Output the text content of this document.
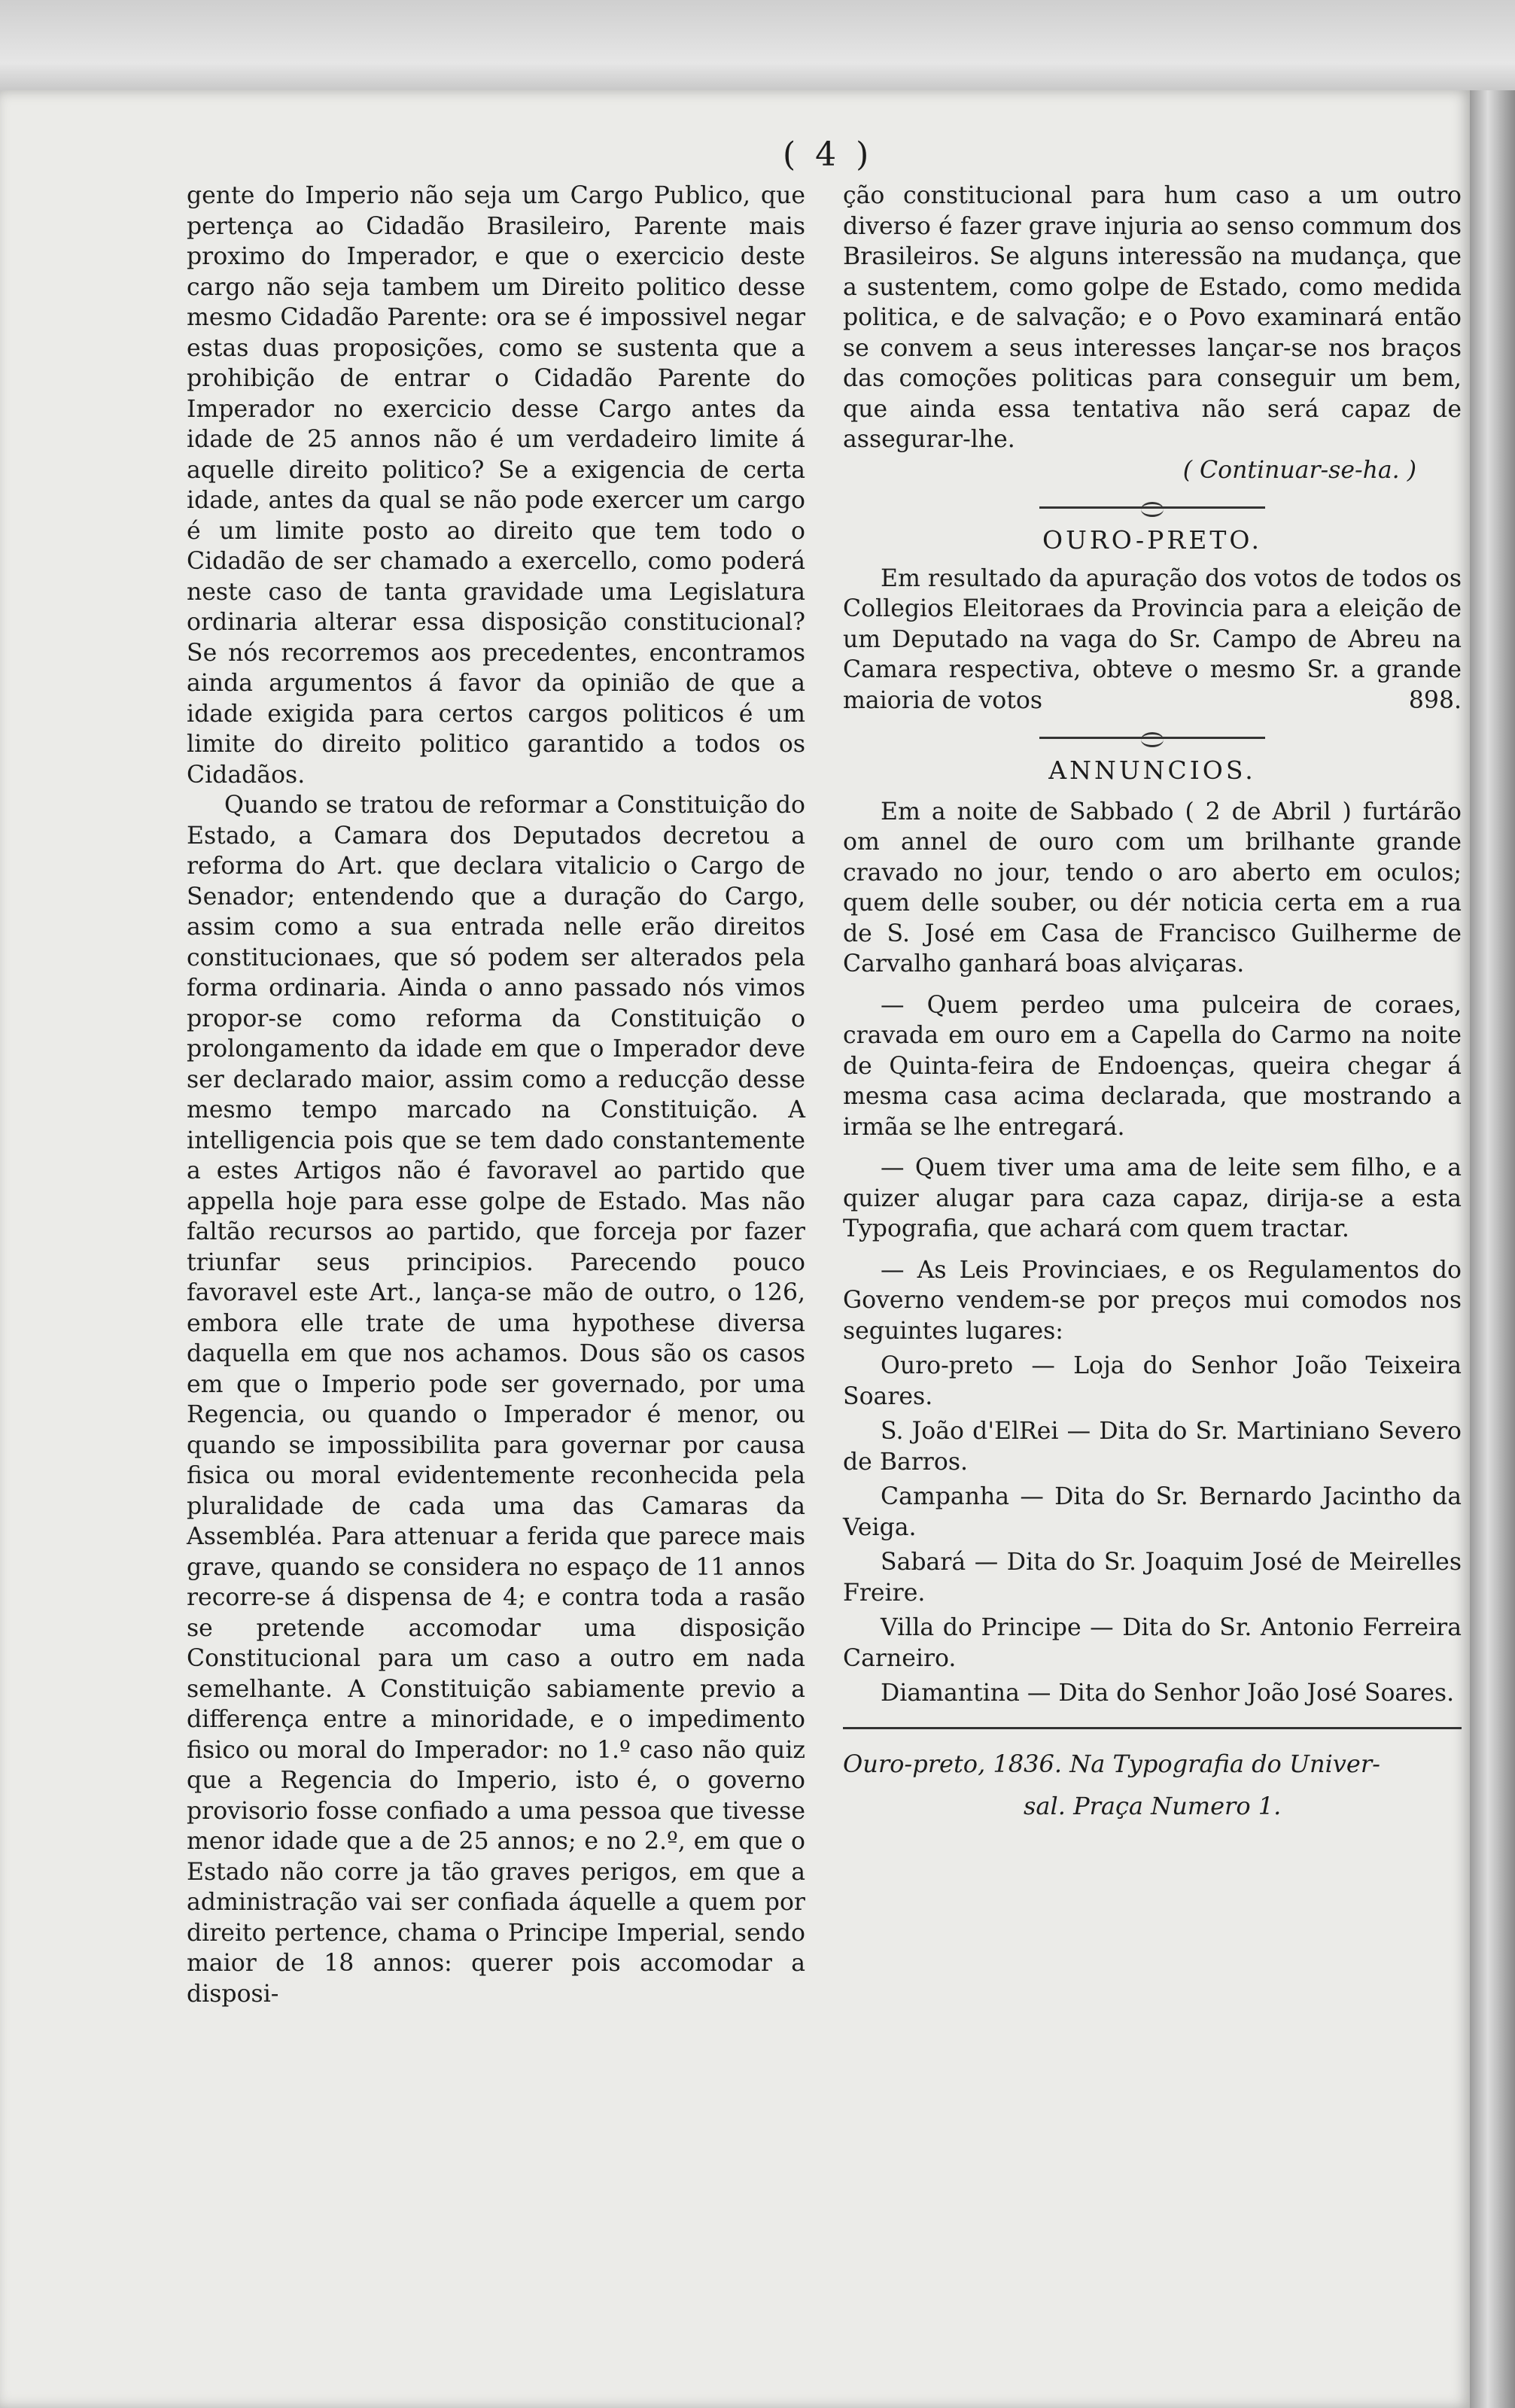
( 4 )

gente do Imperio não seja um Cargo Publico, que pertença ao Cidadão Brasileiro, Parente mais proximo do Imperador, e que o exercicio deste cargo não seja tambem um Direito politico desse mesmo Cidadão Parente: ora se é impossivel negar estas duas proposições, como se sustenta que a prohibição de entrar o Cidadão Parente do Imperador no exercicio desse Cargo antes da idade de 25 annos não é um verdadeiro limite á aquelle direito politico? Se a exigencia de certa idade, antes da qual se não pode exercer um cargo é um limite posto ao direito que tem todo o Cidadão de ser chamado a exercello, como poderá neste caso de tanta gravidade uma Legislatura ordinaria alterar essa disposição constitucional? Se nós recorremos aos precedentes, encontramos ainda argumentos á favor da opinião de que a idade exigida para certos cargos politicos é um limite do direito politico garantido a todos os Cidadãos.

Quando se tratou de reformar a Constituição do Estado, a Camara dos Deputados decretou a reforma do Art. que declara vitalicio o Cargo de Senador; entendendo que a duração do Cargo, assim como a sua entrada nelle erão direitos constitucionaes, que só podem ser alterados pela forma ordinaria. Ainda o anno passado nós vimos propor-se como reforma da Constituição o prolongamento da idade em que o Imperador deve ser declarado maior, assim como a reducção desse mesmo tempo marcado na Constituição. A intelligencia pois que se tem dado constantemente a estes Artigos não é favoravel ao partido que appella hoje para esse golpe de Estado. Mas não faltão recursos ao partido, que forceja por fazer triunfar seus principios. Parecendo pouco favoravel este Art., lança-se mão de outro, o 126, embora elle trate de uma hypothese diversa daquella em que nos achamos. Dous são os casos em que o Imperio pode ser governado, por uma Regencia, ou quando o Imperador é menor, ou quando se impossibilita para governar por causa fisica ou moral evidentemente reconhecida pela pluralidade de cada uma das Camaras da Assembléa. Para attenuar a ferida que parece mais grave, quando se considera no espaço de 11 annos recorre-se á dispensa de 4; e contra toda a rasão se pretende accomodar uma disposição Constitucional para um caso a outro em nada semelhante. A Constituição sabiamente previo a differença entre a minoridade, e o impedimento fisico ou moral do Imperador: no 1.º caso não quiz que a Regencia do Imperio, isto é, o governo provisorio fosse confiado a uma pessoa que tivesse menor idade que a de 25 annos; e no 2.º, em que o Estado não corre ja tão graves perigos, em que a administração vai ser confiada áquelle a quem por direito pertence, chama o Principe Imperial, sendo maior de 18 annos: querer pois accomodar a disposi-

ção constitucional para hum caso a um outro diverso é fazer grave injuria ao senso commum dos Brasileiros. Se alguns interessão na mudança, que a sustentem, como golpe de Estado, como medida politica, e de salvação; e o Povo examinará então se convem a seus interesses lançar-se nos braços das comoções politicas para conseguir um bem, que ainda essa tentativa não será capaz de assegurar-lhe.

( Continuar-se-ha. )

OURO-PRETO.

Em resultado da apuração dos votos de todos os Collegios Eleitoraes da Provincia para a eleição de um Deputado na vaga do Sr. Campo de Abreu na Camara respectiva, obteve o mesmo Sr. a grande maioria de votos	898.

ANNUNCIOS.

Em a noite de Sabbado ( 2 de Abril ) furtárão om annel de ouro com um brilhante grande cravado no jour, tendo o aro aberto em oculos; quem delle souber, ou dér noticia certa em a rua de S. José em Casa de Francisco Guilherme de Carvalho ganhará boas alviçaras.

— Quem perdeo uma pulceira de coraes, cravada em ouro em a Capella do Carmo na noite de Quinta-feira de Endoenças, queira chegar á mesma casa acima declarada, que mostrando a irmãa se lhe entregará.

— Quem tiver uma ama de leite sem filho, e a quizer alugar para caza capaz, dirija-se a esta Typografia, que achará com quem tractar.

— As Leis Provinciaes, e os Regulamentos do Governo vendem-se por preços mui comodos nos seguintes lugares:

Ouro-preto — Loja do Senhor João Teixeira Soares.

S. João d'ElRei — Dita do Sr. Martiniano Severo de Barros.

Campanha — Dita do Sr. Bernardo Jacintho da Veiga.

Sabará — Dita do Sr. Joaquim José de Meirelles Freire.

Villa do Principe — Dita do Sr. Antonio Ferreira Carneiro.

Diamantina — Dita do Senhor João José Soares.

Ouro-preto, 1836. Na Typografia do Univer-
sal. Praça Numero 1.
